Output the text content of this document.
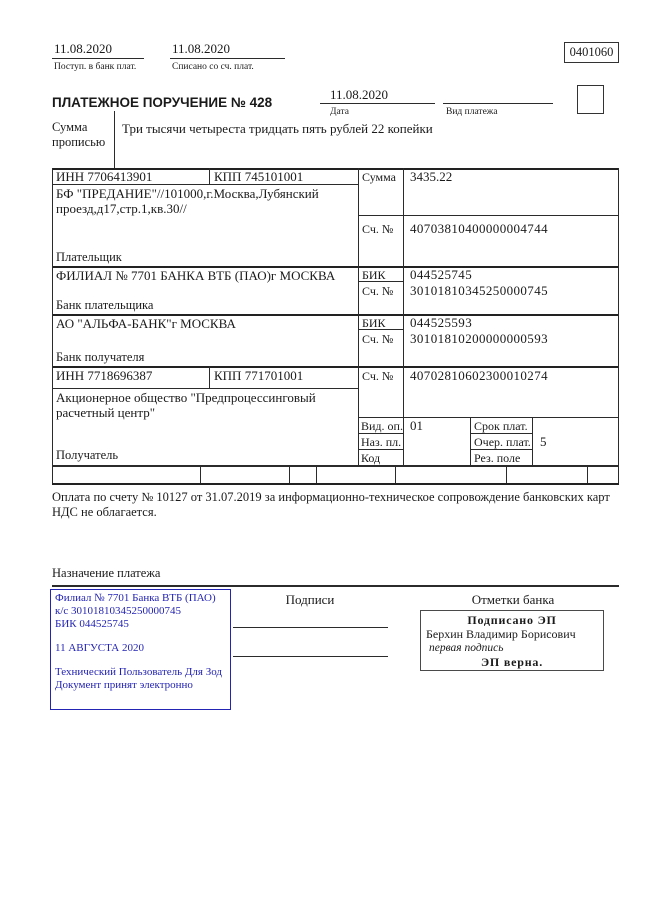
11.08.2020
Поступ. в банк плат.
11.08.2020
Списано со сч. плат.
0401060
ПЛАТЕЖНОЕ ПОРУЧЕНИЕ № 428
11.08.2020
Дата	Вид платежа
Сумма прописью
Три тысячи четыреста тридцать пять рублей 22 копейки
ИНН 7706413901	КПП 745101001
БФ "ПРЕДАНИЕ"//101000,г.Москва,Лубянский проезд,д17,стр.1,кв.30//
Плательщик
Сумма 3435.22
Сч. № 40703810400000004744
ФИЛИАЛ № 7701 БАНКА ВТБ (ПАО)г МОСКВА
Банк плательщика
БИК 044525745
Сч. № 30101810345250000745
АО "АЛЬФА-БАНК"г МОСКВА
Банк получателя
БИК 044525593
Сч. № 30101810200000000593
ИНН 7718696387	КПП 771701001	Сч. № 40702810602300010274
Акционерное общество "Предпроцессинговый расчетный центр"
Получатель
Вид. оп. 01	Срок плат.
Наз. пл.	Очер. плат. 5
Код	Рез. поле
Оплата по счету № 10127 от 31.07.2019 за информационно-техническое сопровождение банковских карт НДС не облагается.
Назначение платежа
Филиал № 7701 Банка ВТБ (ПАО)
к/с 30101810345250000745
БИК 044525745
11 АВГУСТА 2020
Технический Пользователь Для Зод
Документ принят электронно
Подписи	Отметки банка
Подписано ЭП
Берхин Владимир Борисович
первая подпись
ЭП верна.
